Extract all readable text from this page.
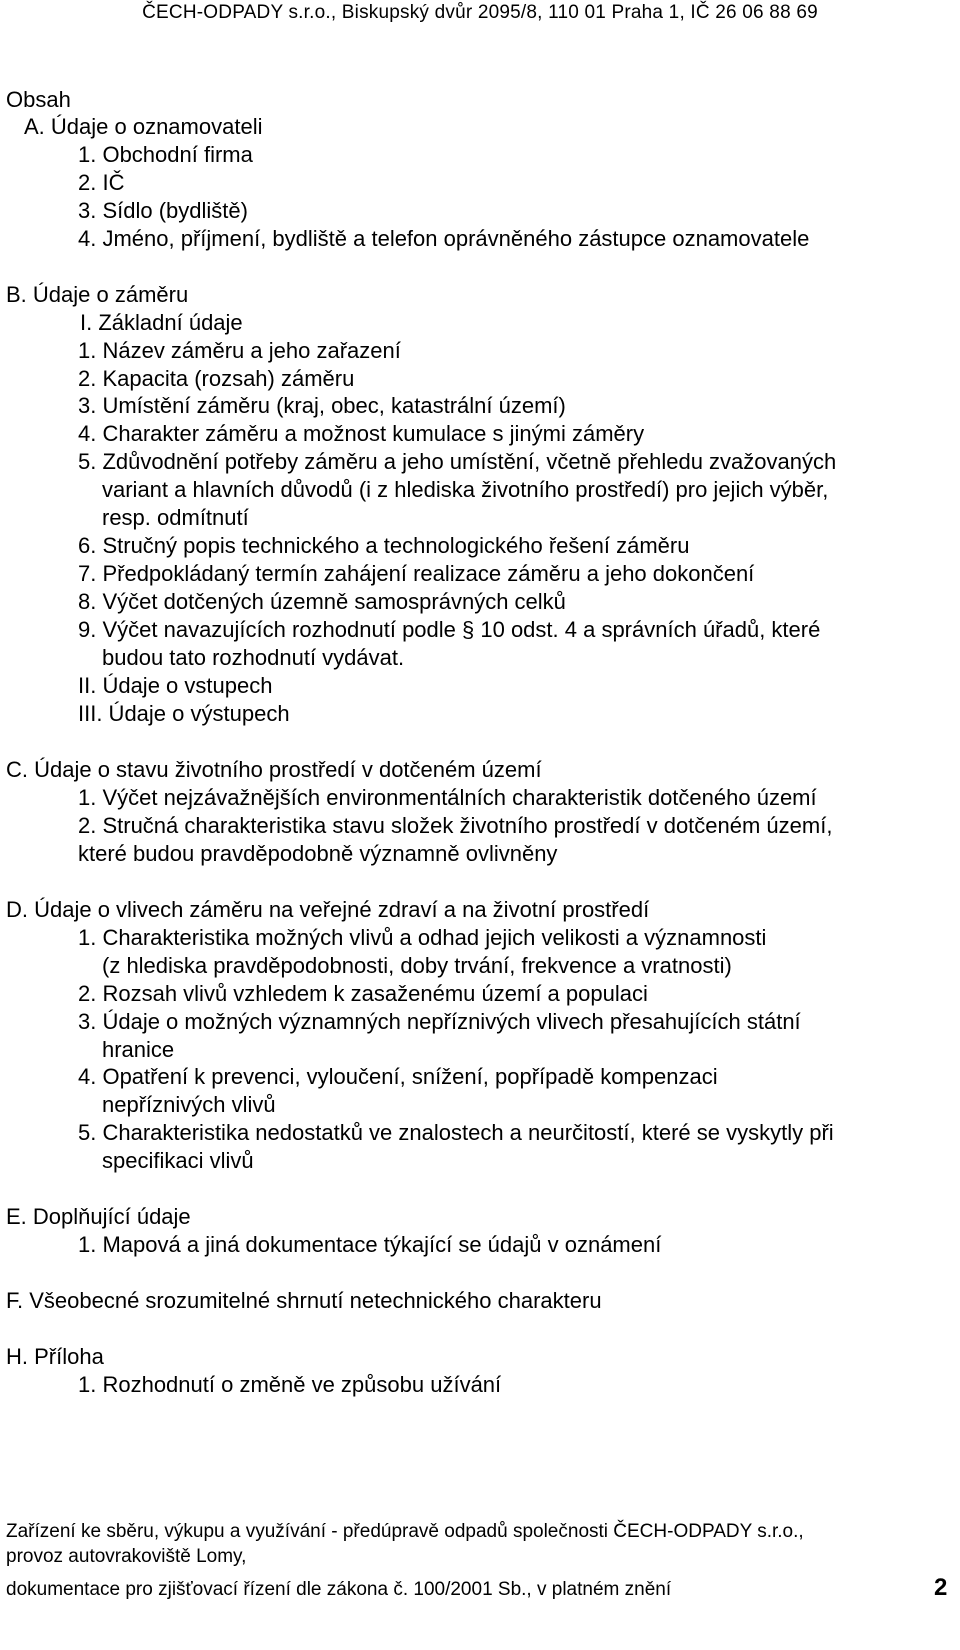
ČECH-ODPADY s.r.o., Biskupský dvůr 2095/8, 110 01 Praha 1, IČ 26 06 88 69
Obsah
A. Údaje o oznamovateli
1. Obchodní firma
2. IČ
3. Sídlo (bydliště)
4. Jméno, příjmení, bydliště a telefon oprávněného zástupce oznamovatele
B. Údaje o záměru
I. Základní údaje
1. Název záměru a jeho zařazení
2. Kapacita (rozsah) záměru
3. Umístění záměru (kraj, obec, katastrální území)
4. Charakter záměru a možnost kumulace s jinými záměry
5. Zdůvodnění potřeby záměru a jeho umístění, včetně přehledu zvažovaných
variant a hlavních důvodů (i z hlediska životního prostředí) pro jejich výběr,
resp. odmítnutí
6. Stručný popis technického a technologického řešení záměru
7. Předpokládaný termín zahájení realizace záměru a jeho dokončení
8. Výčet dotčených územně samosprávných celků
9. Výčet navazujících rozhodnutí podle § 10 odst. 4 a správních úřadů, které
budou tato rozhodnutí vydávat.
II. Údaje o vstupech
III. Údaje o výstupech
C. Údaje o stavu životního prostředí v dotčeném území
1. Výčet nejzávažnějších environmentálních charakteristik dotčeného území
2. Stručná charakteristika stavu složek životního prostředí v dotčeném území,
které budou pravděpodobně významně ovlivněny
D. Údaje o vlivech záměru na veřejné zdraví a na životní prostředí
1. Charakteristika možných vlivů a odhad jejich velikosti a významnosti
(z hlediska pravděpodobnosti, doby trvání, frekvence a vratnosti)
2. Rozsah vlivů vzhledem k zasaženému území a populaci
3. Údaje o možných významných nepříznivých vlivech přesahujících státní
hranice
4. Opatření k prevenci, vyloučení, snížení, popřípadě kompenzaci
nepříznivých vlivů
5. Charakteristika nedostatků ve znalostech a neurčitostí, které se vyskytly při
specifikaci vlivů
E. Doplňující údaje
1. Mapová a jiná dokumentace týkající se údajů v oznámení
F. Všeobecné srozumitelné shrnutí netechnického charakteru
H. Příloha
1. Rozhodnutí o změně ve způsobu užívání
Zařízení ke sběru, výkupu a využívání - předúpravě odpadů společnosti ČECH-ODPADY s.r.o.,
provoz autovrakoviště Lomy,
dokumentace pro zjišťovací řízení dle zákona č. 100/2001 Sb., v platném znění	2
